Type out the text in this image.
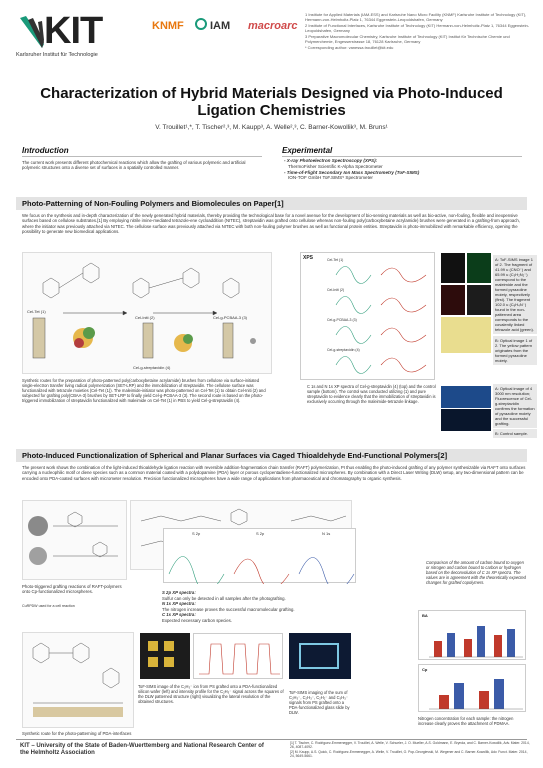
KIT
Karlsruher Institut für Technologie
KNMF IAM macroarc

1 Institute for Applied Materials (IAM-ESS) and Karlsruhe Nano Micro Facility (KNMF) Karlsruhe Institute of Technology (KIT), Hermann-von-Helmholtz-Platz 1, 76344 Eggenstein-Leopoldshafen, Germany

2 Institute of Functional Interfaces, Karlsruhe Institute of Technology (KIT) Hermann-von-Helmholtz-Platz 1, 76344 Eggenstein-Leopoldshafen, Germany

3 Preparative Macromolecular Chemistry, Karlsruhe Institute of Technology (KIT) Institut für Technische Chemie und Polymerchemie, Engesserstrasse 18, 76128 Karlsruhe, Germany

* Corresponding author: vanessa.trouillet@kit.edu

Characterization of Hybrid Materials Designed via Photo-Induced Ligation Chemistries
V. Trouillet¹,*, T. Tischer²,³, M. Kaupp³, A. Welle²,³, C. Barner-Kowollik³, M. Bruns¹
Introduction
The current work presents different photochemical reactions which allow the grafting of various polymeric and artificial polymeric structures onto a diverse set of surfaces in a spatially controlled manner.
Experimental
- X-ray Photoelectron Spectroscopy (XPS):
ThermoFisher Scientific K-Alpha Spectrometer
- Time-of-Flight Secondary Ion Mass Spectrometry (ToF-SIMS)
ION-TOF GmbH ToF.SIMS⁵ Spectrometer
Photo-Patterning of Non-Fouling Polymers and Biomolecules on Paper[1]
We focus on the synthesis and in-depth characterization of the newly generated hybrid materials, thereby providing the technological base for a novel avenue for the development of bio-sensing materials as well as bio-active, non-fouling, flexible and inexpensive surfaces based on cellulose substrates.[1] By employing nitrile imine-mediated tetrazole-ene cycloaddition (NITEC), streptavidin was grafted onto cellulose whereas non-fouling poly(carboxybetaine acrylamide) brushes were generated in a grafting-from approach, where the initiator was previously attached via NITEC. The cellulose surface was previously attached via NITEC with both non-fouling polymer brushes as well as functional protein entities. Streptavidin is photo-immobilized with remarkable efficiency, opening the possibility to generate new biomedical applications.
Cel-Tet (1)
Cel-Initi (2)	Cel-g-PCBAA-3 (3)
Cel-g-streptavidin (4)
Synthetic routes for the preparation of photo-patterned poly(carboxybetaine acrylamide) brushes from cellulose via surface-initiated single-electron transfer living radical polymerization (SET-LRP) and the immobilization of streptavidin. The cellulose surface was functionalized with tetrazole moieties (Cel-Tet (1)). The maleimide-initiator was photo-patterned on Cel-Tet (1) to obtain Cel-Initi (2) and subjected for grafting poly(CBAA-3) brushes by SET-LRP to finally yield Cel-g-PCBAA-3 (3). The second route is based on the photo-triggered immobilization of streptavidin functionalized with maleimide on Cel-Tet (1) in PBS to yield Cel-g-streptavidin (4).
XPS	Cel-Tet (1)
Cel-Initi (2)
Cel-g-PCBAA-3 (3)
Cel-g-streptavidin (4)
A: ToF-SIMS image 1 of 2. The fragment of 41.99 u (CNO⁻) and 65.99 u (C₃H₂N₂⁻) correspond to the maleimide and the formed pyrazoline moiety, respectively (first). The fragment 102.0 u (C₆H₄N⁻) found in the non-patterned area corresponds to the covalently linked tetrazole acid (green).
B: Optical image 1 of 2. The yellow pattern originates from the formed pyrazoline moiety.
C 1s and N 1s XP spectra of Cel-g-streptavidin (4) (top) and the control sample (bottom). The control was conducted utilizing (1) and pure streptavidin to evidence clearly that the immobilization of streptavidin is exclusively occurring through the maleimide-tetrazole linkage.
A: Optical image of 4 3000 nm resolution; Fluorescence of Cel-g-streptavidin confirms the formation of pyrazoline moiety and the successful grafting.
B: Control sample.
Photo-Induced Functionalization of Spherical and Planar Surfaces via Caged Thioaldehyde End-Functional Polymers[2]
The present work shows the combination of the light-induced thioaldehyde ligation reaction with reversible addition-fragmentation chain transfer (RAFT) polymerization, PI thus enabling the photo-induced grafting of any polymer synthesizable via RAFT onto surfaces carrying a nucleophilic motif or diene species such as a common material coated with a polydopamine (PDA) layer or porous cyclopentadiene-functionalized microspheres. By combination with a Direct Laser Writing (DLW) setup, any two-dimensional pattern can be encoded onto PDA-coated surfaces with micrometer resolution. Precision functionalized microspheres have a wide range of applications from pharmaceutical and chromatography to organic synthesis.
Photo-triggered grafting reactions of RAFT-polymers onto Cp-functionalized microspheres.
CuRPDW used for a cell reaction
S 2p	S 2p	N 1s
S 2p XP spectra:
Sulfur can only be detected in all samples after the photografting.
N 1s XP spectra:
The nitrogen increase proves the successful macromolecular grafting.
C 1s XP spectra:
Expected necessary carbon species.
Comparison of the amount of carbon bound to oxygen or nitrogen and carbon bound to carbon or hydrogen based on the deconvolution of C 1s XP spectra. The values are in agreement with the theoretically expected changes for grafted copolymers.
BA
Cp
Nitrogen concentration for each sample: the nitrogen increase clearly proves the attachment of PDMAA.
Synthetic route for the photo-patterning of PDA-interfaces
ToF-SIMS image of the C₂H₃⁻ ion from PS grafted onto a PDA-functionalized silicon wafer (left) and intensity profile for the C₂H₃⁻ signal across the squares of the DLW patterned structure (right) visualizing the lateral resolution of the obtained structures.
ToF-SIMS imaging of the sum of C₂H₃⁻, C₂H₃⁻, C₂H₂⁻ and C₃H₃⁻ signals from PS grafted onto a PDA-functionalized glass slide by DLW.
KIT – University of the State of Baden-Wuerttemberg and National Research Center of the Helmholtz Association
[1] T. Tischer, C. Rodriguez-Emmenegger, V. Trouillet, A. Welle, V. Schueler, J. O. Mueller, A.S. Goldmann, E. Brynda, and C. Barner-Kowollik, Adv. Mater. 2014, 26, 4087-4092.
[2] M. Kaupp, A.S. Quick, C. Rodriguez-Emmenegger, A. Welle, V. Trouillet, O. Pop-Georgievski, M. Wegener and C. Barner-Kowollik, Adv. Funct. Mater. 2014, 24, 5649-5661.
